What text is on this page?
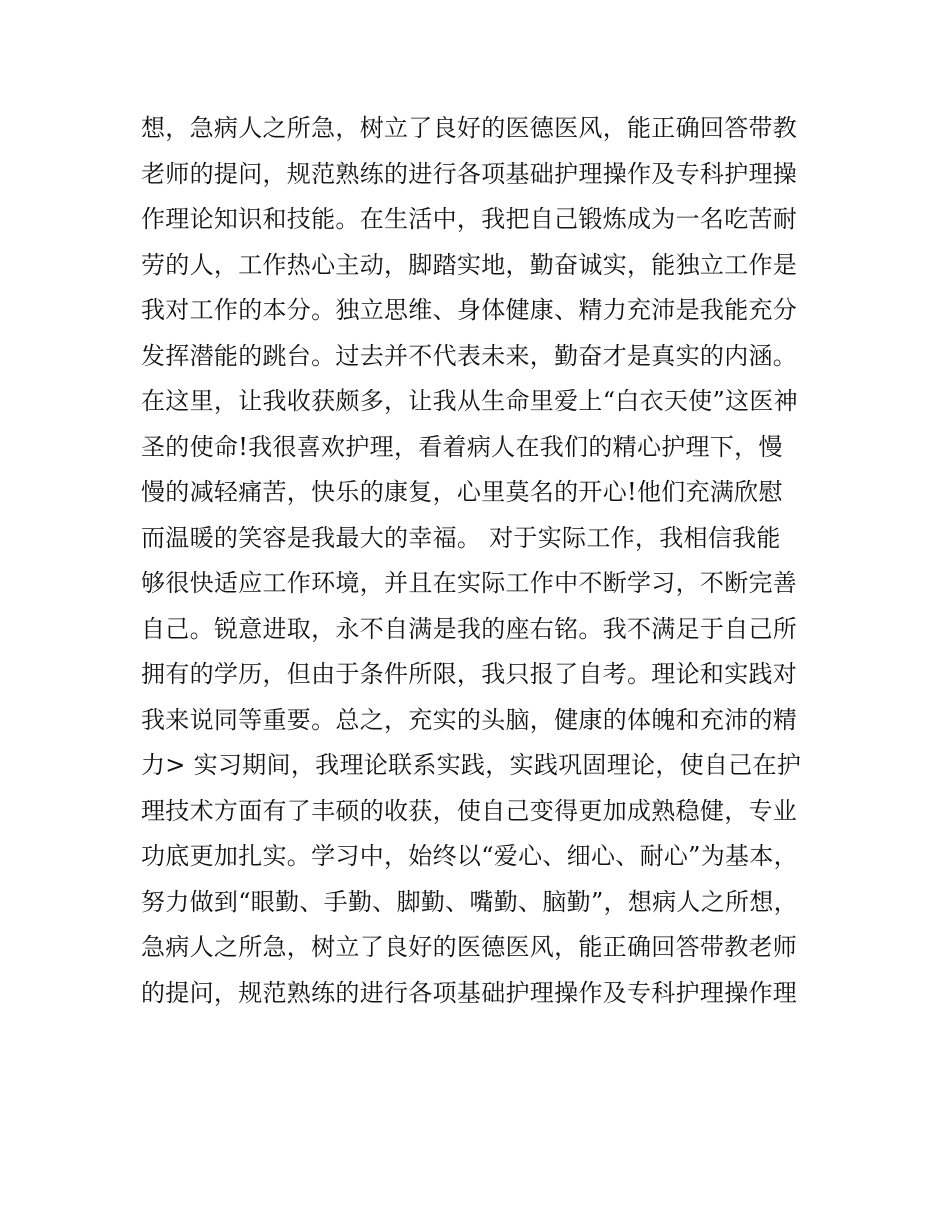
想，急病人之所急，树立了良好的医德医风，能正确回答带教
老师的提问，规范熟练的进行各项基础护理操作及专科护理操
作理论知识和技能。在生活中，我把自己锻炼成为一名吃苦耐
劳的人，工作热心主动，脚踏实地，勤奋诚实，能独立工作是
我对工作的本分。独立思维、身体健康、精力充沛是我能充分
发挥潜能的跳台。过去并不代表未来，勤奋才是真实的内涵。
在这里，让我收获颇多，让我从生命里爱上“白衣天使”这医神
圣的使命!我很喜欢护理，看着病人在我们的精心护理下，慢
慢的减轻痛苦，快乐的康复，心里莫名的开心!他们充满欣慰
而温暖的笑容是我最大的幸福。 对于实际工作，我相信我能
够很快适应工作环境，并且在实际工作中不断学习，不断完善
自己。锐意进取，永不自满是我的座右铭。我不满足于自己所
拥有的学历，但由于条件所限，我只报了自考。理论和实践对
我来说同等重要。总之，充实的头脑，健康的体魄和充沛的精
力> 实习期间，我理论联系实践，实践巩固理论，使自己在护
理技术方面有了丰硕的收获，使自己变得更加成熟稳健，专业
功底更加扎实。学习中，始终以“爱心、细心、耐心”为基本，
努力做到“眼勤、手勤、脚勤、嘴勤、脑勤”，想病人之所想，
急病人之所急，树立了良好的医德医风，能正确回答带教老师
的提问，规范熟练的进行各项基础护理操作及专科护理操作理
